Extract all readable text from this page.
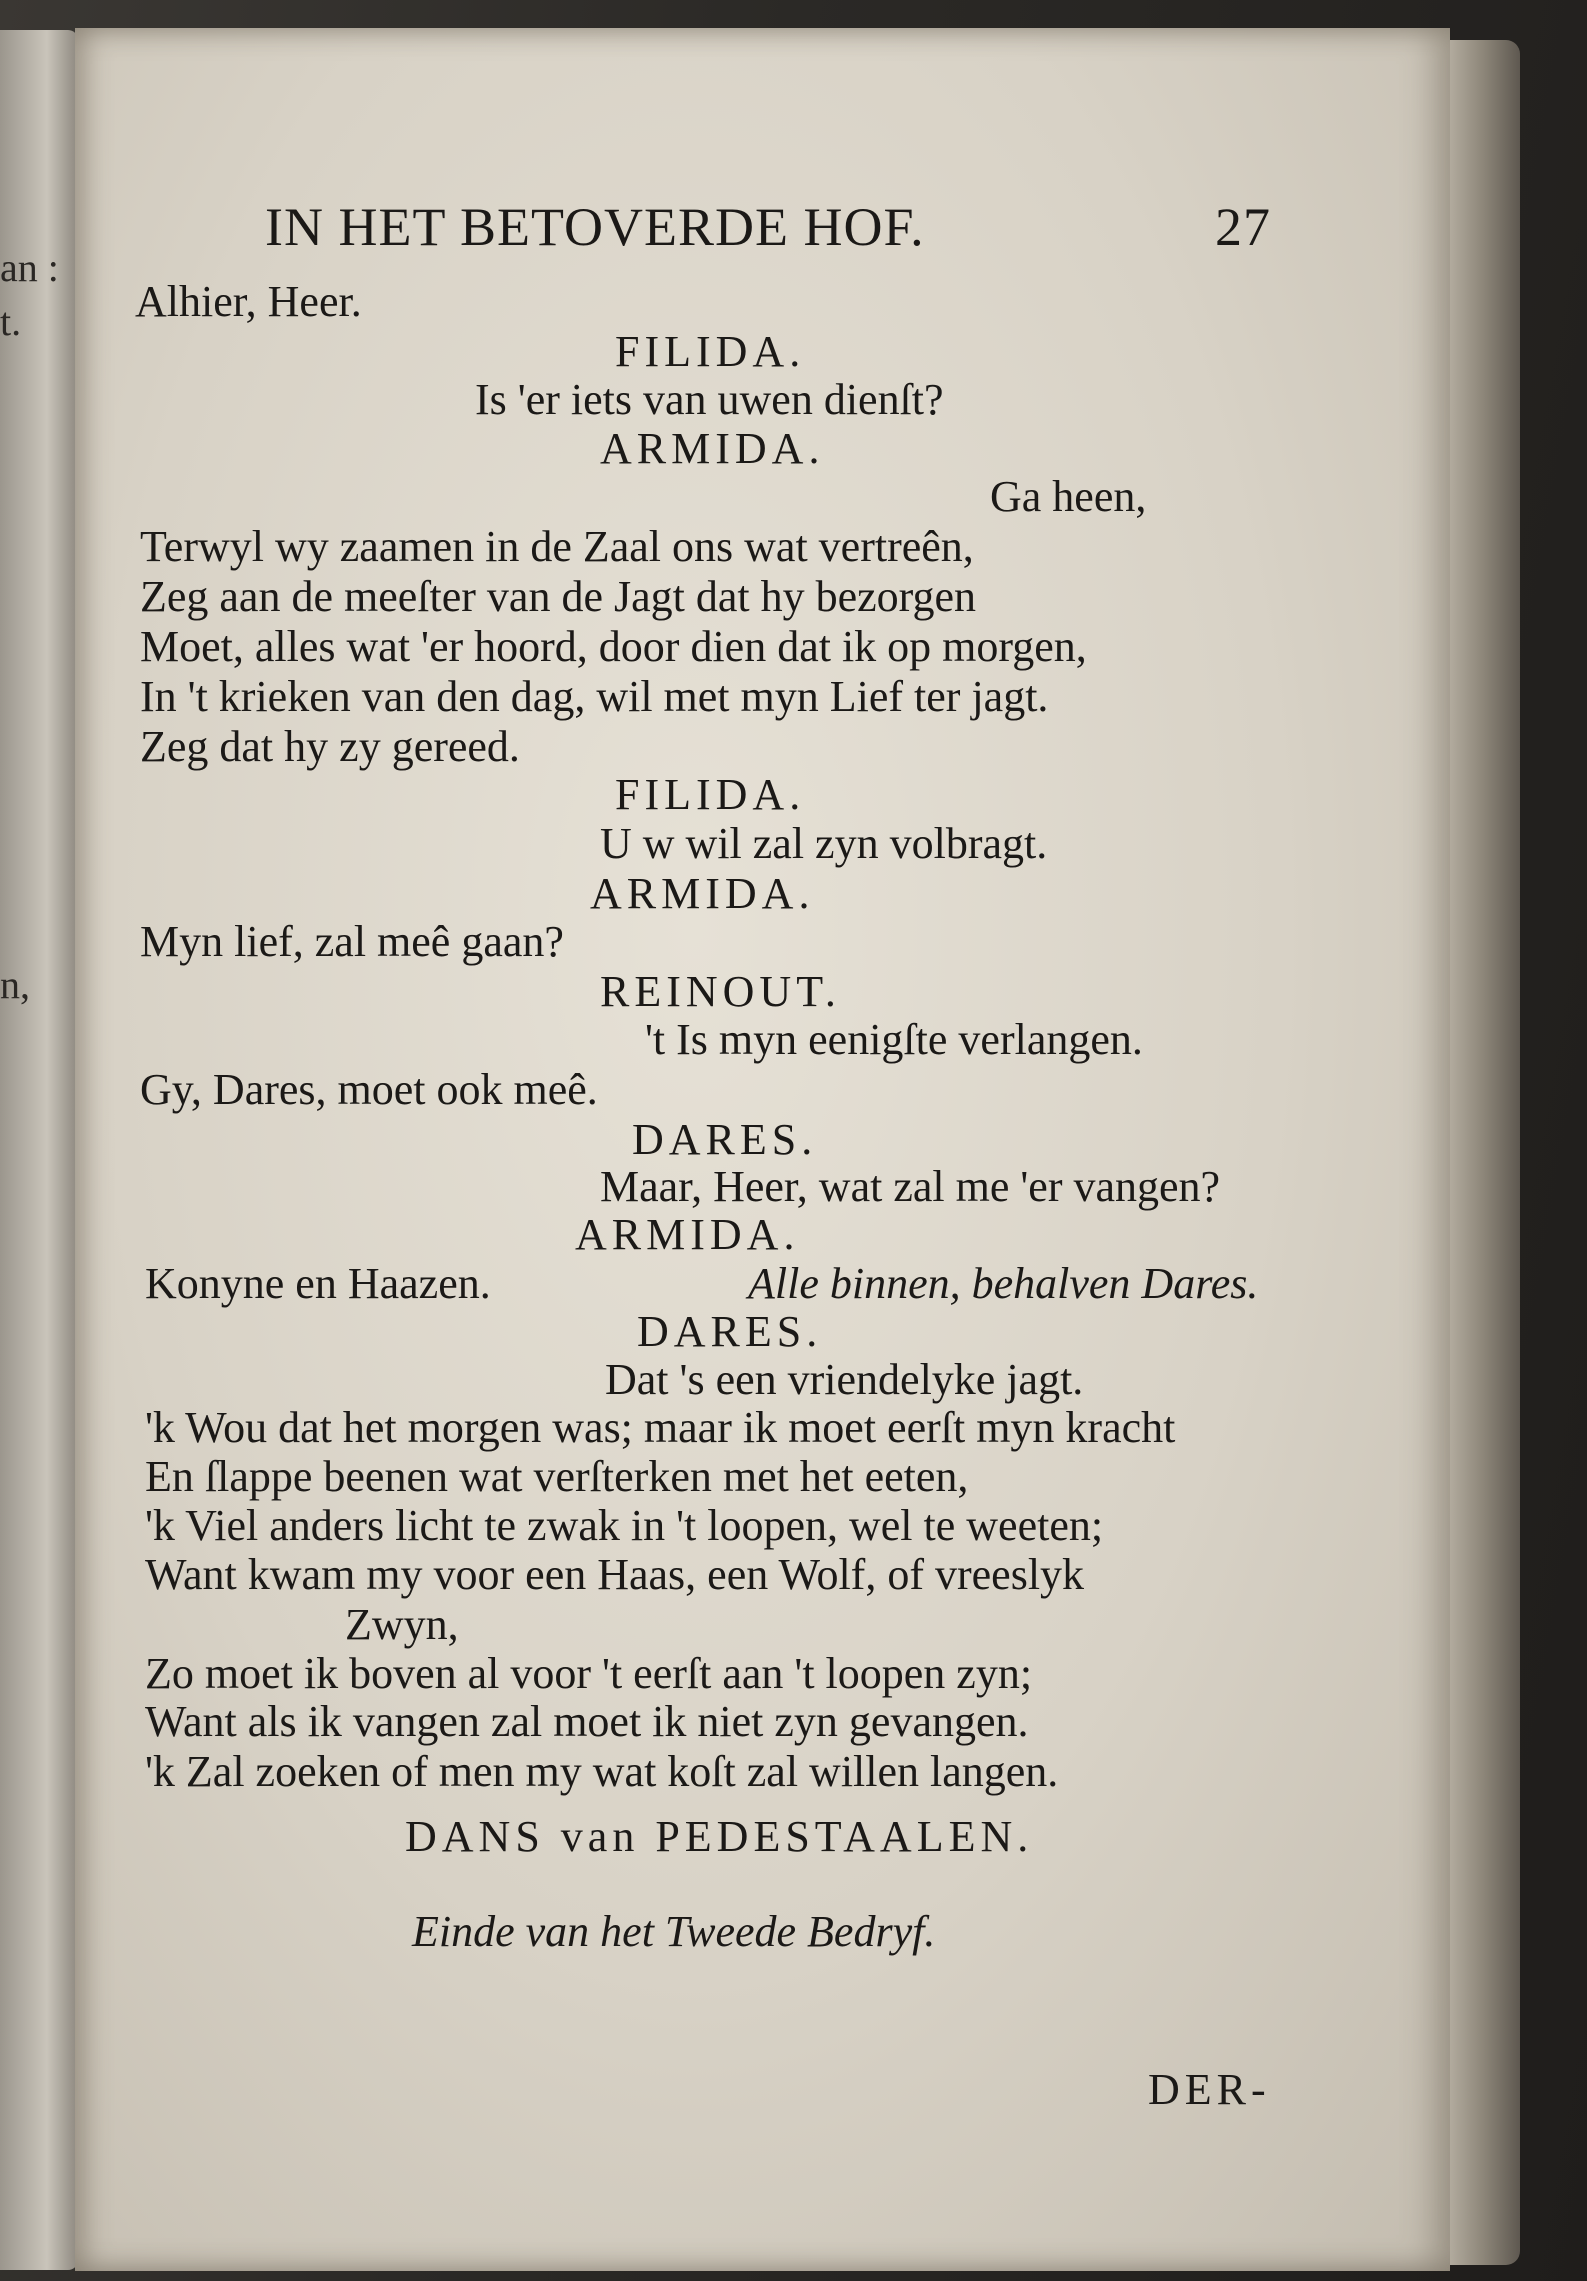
an :
t.
n,
IN HET BETOVERDE HOF.	27
Alhier, Heer.
FILIDA.
Is 'er iets van uwen dienſt?
ARMIDA.
Ga heen,
Terwyl wy zaamen in de Zaal ons wat vertreên,
Zeg aan de meeſter van de Jagt dat hy bezorgen
Moet, alles wat 'er hoord, door dien dat ik op morgen,
In 't krieken van den dag, wil met myn Lief ter jagt.
Zeg dat hy zy gereed.
FILIDA.
U w wil zal zyn volbragt.
ARMIDA.
Myn lief, zal meê gaan?
REINOUT.
't Is myn eenigſte verlangen.
Gy, Dares, moet ook meê.
DARES.
Maar, Heer, wat zal me 'er vangen?
ARMIDA.
Konyne en Haazen.	Alle binnen, behalven Dares.
DARES.
Dat 's een vriendelyke jagt.
'k Wou dat het morgen was; maar ik moet eerſt myn kracht
En ſlappe beenen wat verſterken met het eeten,
'k Viel anders licht te zwak in 't loopen, wel te weeten;
Want kwam my voor een Haas, een Wolf, of vreeslyk
Zwyn,
Zo moet ik boven al voor 't eerſt aan 't loopen zyn;
Want als ik vangen zal moet ik niet zyn gevangen.
'k Zal zoeken of men my wat koſt zal willen langen.
DANS van PEDESTAALEN.
Einde van het Tweede Bedryf.
DER-
